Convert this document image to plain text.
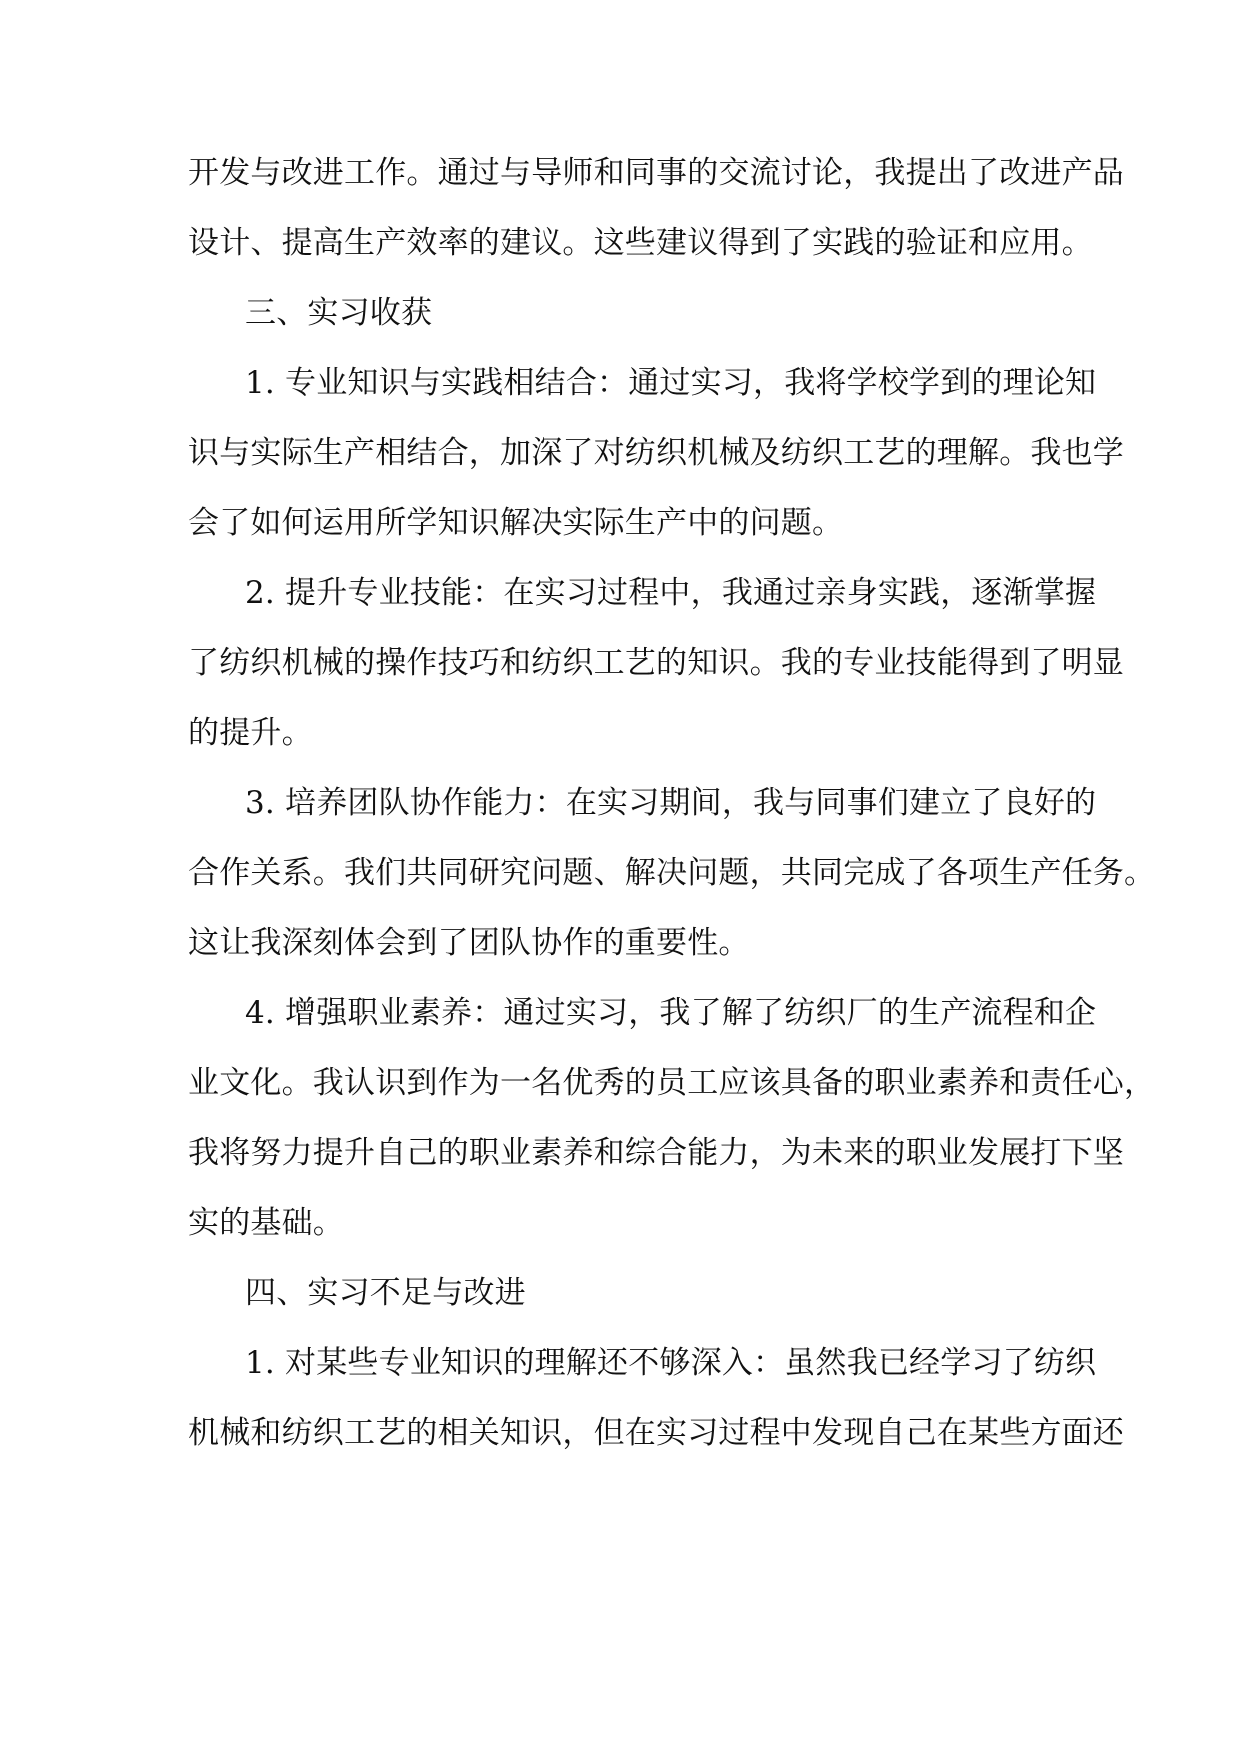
开发与改进工作。通过与导师和同事的交流讨论，我提出了改进产品
设计、提高生产效率的建议。这些建议得到了实践的验证和应用。
三、实习收获
1. 专业知识与实践相结合：通过实习，我将学校学到的理论知
识与实际生产相结合，加深了对纺织机械及纺织工艺的理解。我也学
会了如何运用所学知识解决实际生产中的问题。
2. 提升专业技能：在实习过程中，我通过亲身实践，逐渐掌握
了纺织机械的操作技巧和纺织工艺的知识。我的专业技能得到了明显
的提升。
3. 培养团队协作能力：在实习期间，我与同事们建立了良好的
合作关系。我们共同研究问题、解决问题，共同完成了各项生产任务。
这让我深刻体会到了团队协作的重要性。
4. 增强职业素养：通过实习，我了解了纺织厂的生产流程和企
业文化。我认识到作为一名优秀的员工应该具备的职业素养和责任心，
我将努力提升自己的职业素养和综合能力，为未来的职业发展打下坚
实的基础。
四、实习不足与改进
1. 对某些专业知识的理解还不够深入：虽然我已经学习了纺织
机械和纺织工艺的相关知识，但在实习过程中发现自己在某些方面还
